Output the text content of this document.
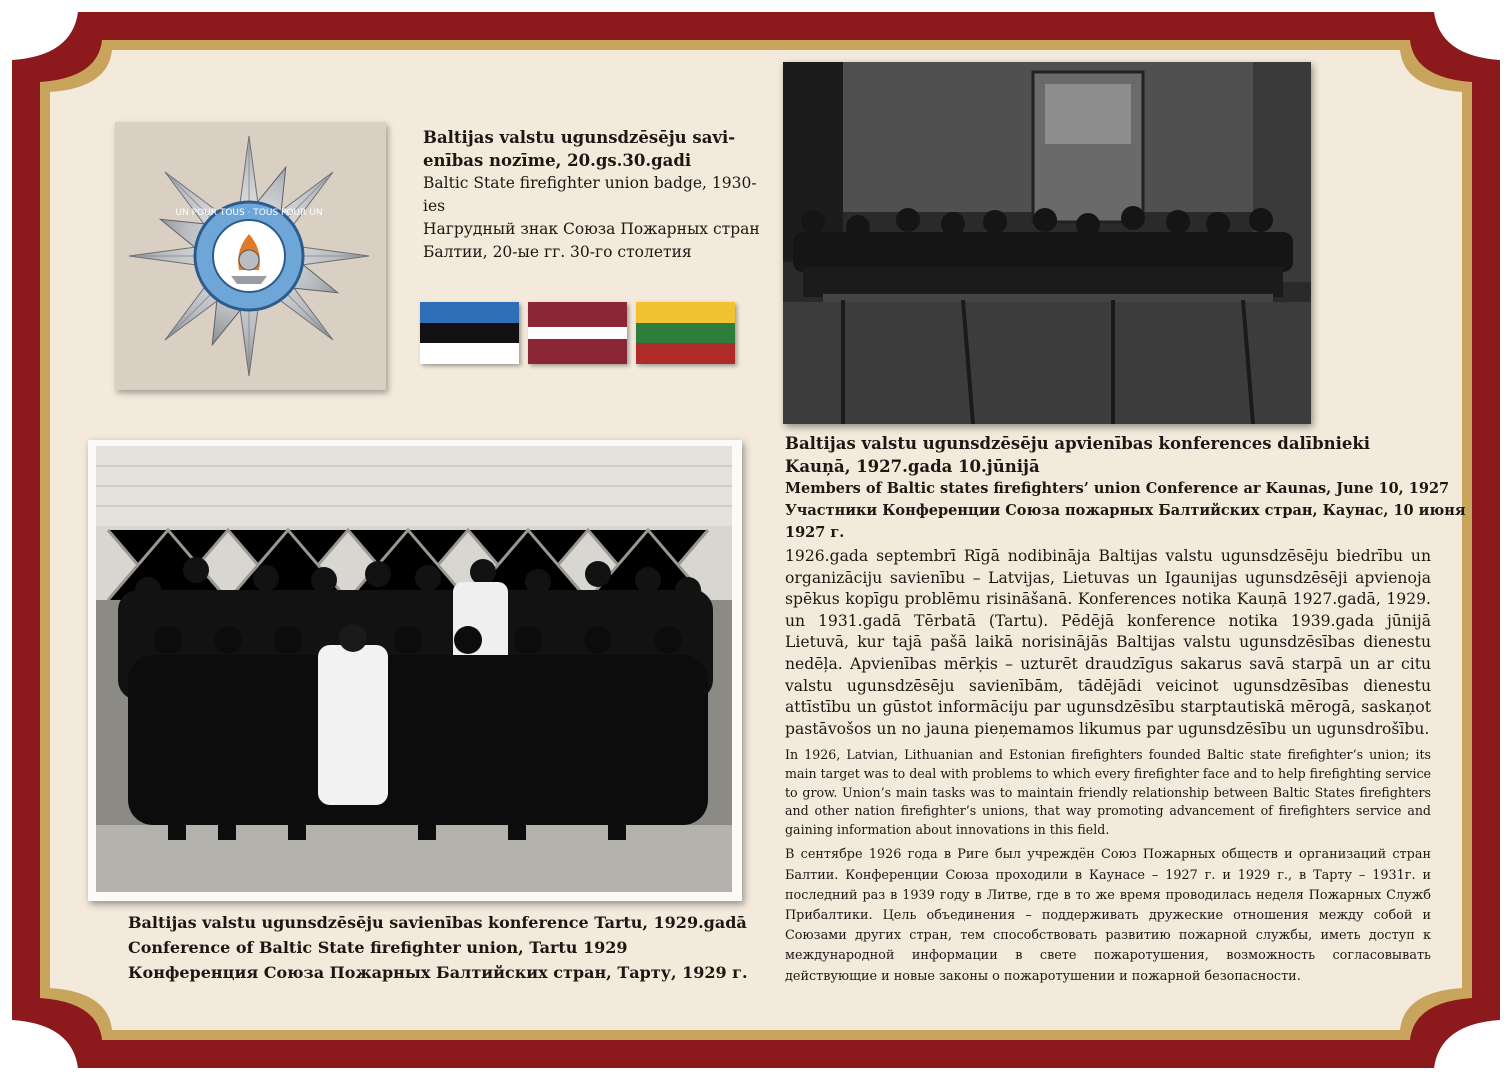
UN POUR TOUS · TOUS POUR UN
Baltijas valstu ugunsdzēsēju savi-
enības nozīme, 20.gs.30.gadi
Baltic State firefighter union badge, 1930-ies
Нагрудный знак Союза Пожарных стран
Балтии, 20-ые гг. 30-го столетия
Baltijas valstu ugunsdzēsēju apvienības konferences dalībnieki
Kauņā, 1927.gada 10.jūnijā
Members of Baltic states firefighters’ union Conference ar Kaunas, June 10, 1927
Участники Конференции Союза пожарных Балтийских стран, Каунас, 10 июня 1927 г.
Baltijas valstu ugunsdzēsēju savienības konference Tartu, 1929.gadā
Conference of Baltic State firefighter union, Tartu 1929
Конференция Союза Пожарных Балтийских стран, Тарту, 1929 г.

1926.gada septembrī Rīgā nodibināja Baltijas valstu ugunsdzēsēju biedrību un organizāciju savienību – Latvijas, Lietuvas un Igaunijas ugunsdzēsēji apvienoja spēkus kopīgu problēmu risināšanā. Konferences notika Kauņā 1927.gadā, 1929. un 1931.gadā Tērbatā (Tartu). Pēdējā konference notika 1939.gada jūnijā Lietuvā, kur tajā pašā laikā norisinājās Baltijas valstu ugunsdzēsības dienestu nedēļa. Apvienības mērķis – uzturēt draudzīgus sakarus savā starpā un ar citu valstu ugunsdzēsēju savienībām, tādējādi veicinot ugunsdzēsības dienestu attīstību un gūstot informāciju par ugunsdzēsību starptautiskā mērogā, saskaņot pastāvošos un no jauna pieņemamos likumus par ugunsdzēsību un ugunsdrošību.

In 1926, Latvian, Lithuanian and Estonian firefighters founded Baltic state firefighter’s union; its main target was to deal with problems to which every firefighter face and to help firefighting service to grow. Union’s main tasks was to maintain friendly relationship between Baltic States firefighters and other nation firefighter’s unions, that way promoting advancement of firefighters service and gaining information about innovations in this field.

В сентябре 1926 года в Риге был учреждён Союз Пожарных обществ и организаций стран Балтии. Конференции Союза проходили в Каунасе – 1927 г. и 1929 г., в Тарту – 1931г. и последний раз в 1939 году в Литве, где в то же время проводилась неделя Пожарных Служб Прибалтики. Цель объединения – поддерживать дружеские отношения между собой и Союзами других стран, тем способствовать развитию пожарной службы, иметь доступ к международной информации в свете пожаротушения, возможность согласовывать действующие и новые законы о пожаротушении и пожарной безопасности.
